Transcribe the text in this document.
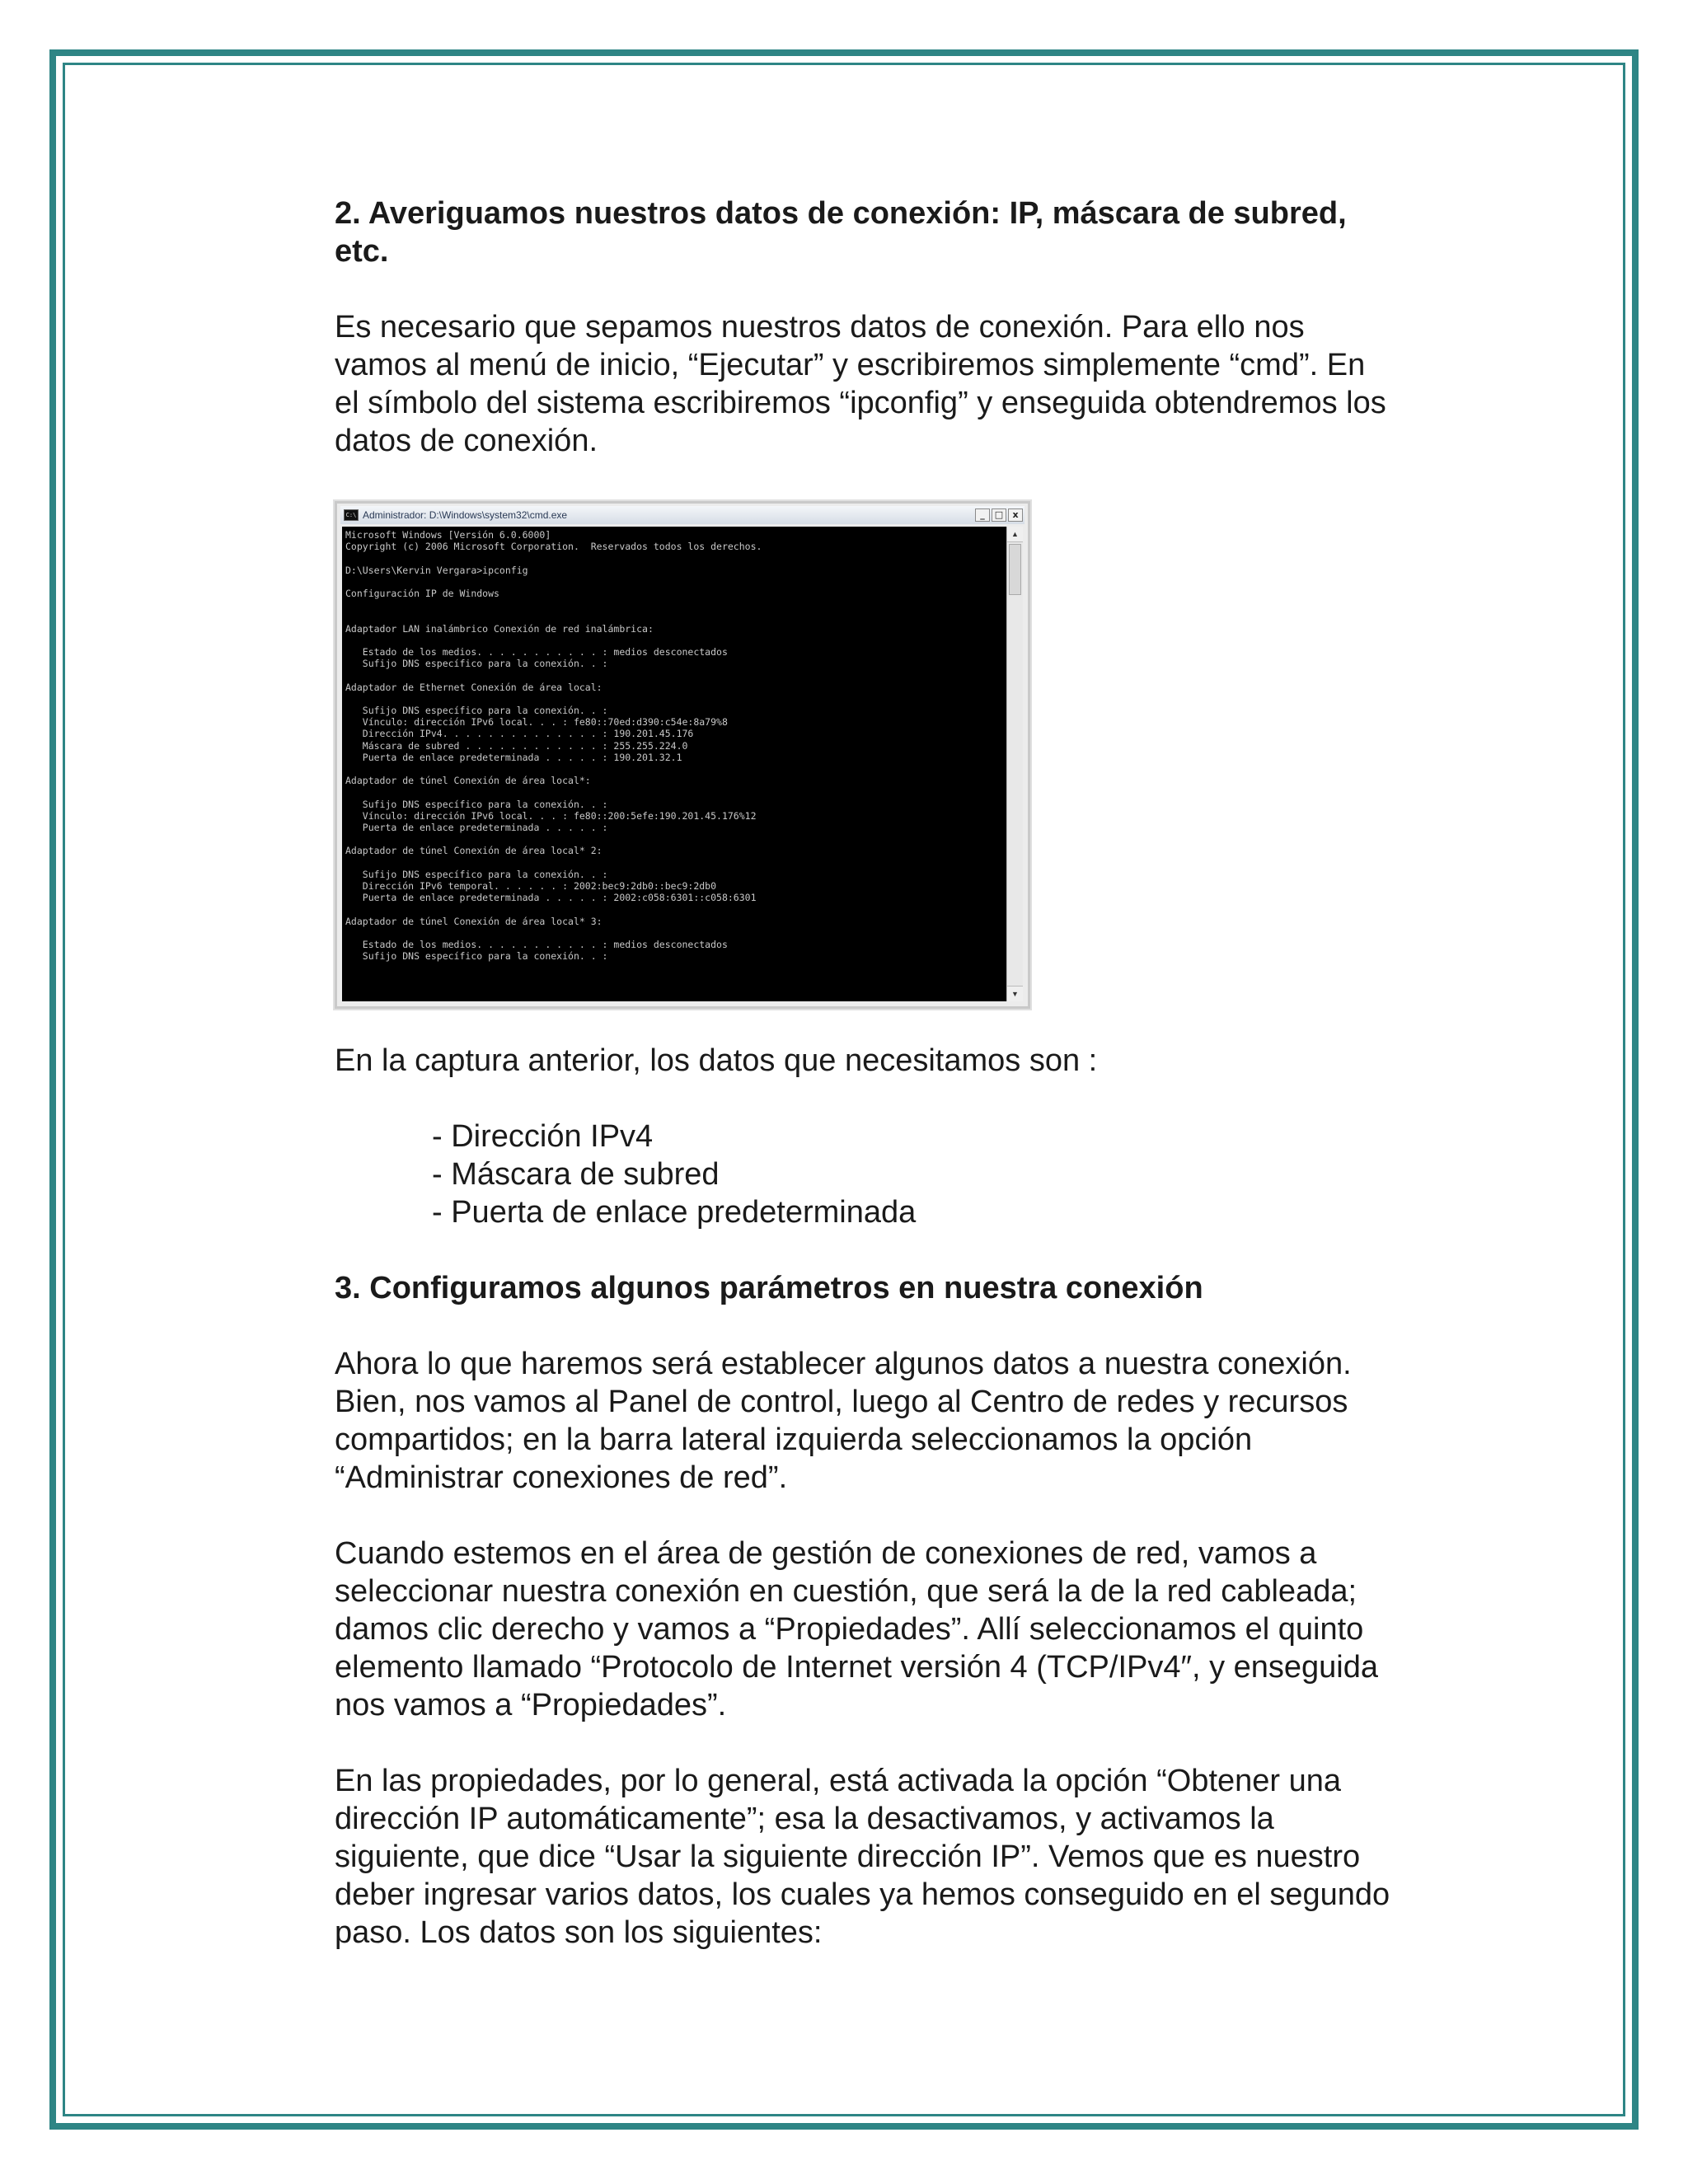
2. Averiguamos nuestros datos de conexión: IP, máscara de subred,

etc.

Es necesario que sepamos nuestros datos de conexión. Para ello nos

vamos al menú de inicio, “Ejecutar” y escribiremos simplemente “cmd”. En

el símbolo del sistema escribiremos “ipconfig” y enseguida obtendremos los

datos de conexión.

C:\ Administrador: D:\Windows\system32\cmd.exe	_	□	x
Microsoft Windows [Versión 6.0.6000]
Copyright (c) 2006 Microsoft Corporation.  Reservados todos los derechos.

D:\Users\Kervin Vergara>ipconfig

Configuración IP de Windows

Adaptador LAN inalámbrico Conexión de red inalámbrica:

Estado de los medios. . . . . . . . . . . : medios desconectados
Sufijo DNS específico para la conexión. . :

Adaptador de Ethernet Conexión de área local:

Sufijo DNS específico para la conexión. . :
Vínculo: dirección IPv6 local. . . : fe80::70ed:d390:c54e:8a79%8
Dirección IPv4. . . . . . . . . . . . . . : 190.201.45.176
Máscara de subred . . . . . . . . . . . . : 255.255.224.0
Puerta de enlace predeterminada . . . . . : 190.201.32.1

Adaptador de túnel Conexión de área local*:

Sufijo DNS específico para la conexión. . :
Vínculo: dirección IPv6 local. . . : fe80::200:5efe:190.201.45.176%12
Puerta de enlace predeterminada . . . . . :

Adaptador de túnel Conexión de área local* 2:

Sufijo DNS específico para la conexión. . :
Dirección IPv6 temporal. . . . . . : 2002:bec9:2db0::bec9:2db0
Puerta de enlace predeterminada . . . . . : 2002:c058:6301::c058:6301

Adaptador de túnel Conexión de área local* 3:

Estado de los medios. . . . . . . . . . . : medios desconectados
Sufijo DNS específico para la conexión. . :
▲
▼

En la captura anterior, los datos que necesitamos son :

- Dirección IPv4
- Máscara de subred
- Puerta de enlace predeterminada

3. Configuramos algunos parámetros en nuestra conexión

Ahora lo que haremos será establecer algunos datos a nuestra conexión.

Bien, nos vamos al Panel de control, luego al Centro de redes y recursos

compartidos; en la barra lateral izquierda seleccionamos la opción

“Administrar conexiones de red”.

Cuando estemos en el área de gestión de conexiones de red, vamos a

seleccionar nuestra conexión en cuestión, que será la de la red cableada;

damos clic derecho y vamos a “Propiedades”. Allí seleccionamos el quinto

elemento llamado “Protocolo de Internet versión 4 (TCP/IPv4″, y enseguida

nos vamos a “Propiedades”.

En las propiedades, por lo general, está activada la opción “Obtener una

dirección IP automáticamente”; esa la desactivamos, y activamos la

siguiente, que dice “Usar la siguiente dirección IP”. Vemos que es nuestro

deber ingresar varios datos, los cuales ya hemos conseguido en el segundo

paso. Los datos son los siguientes:
